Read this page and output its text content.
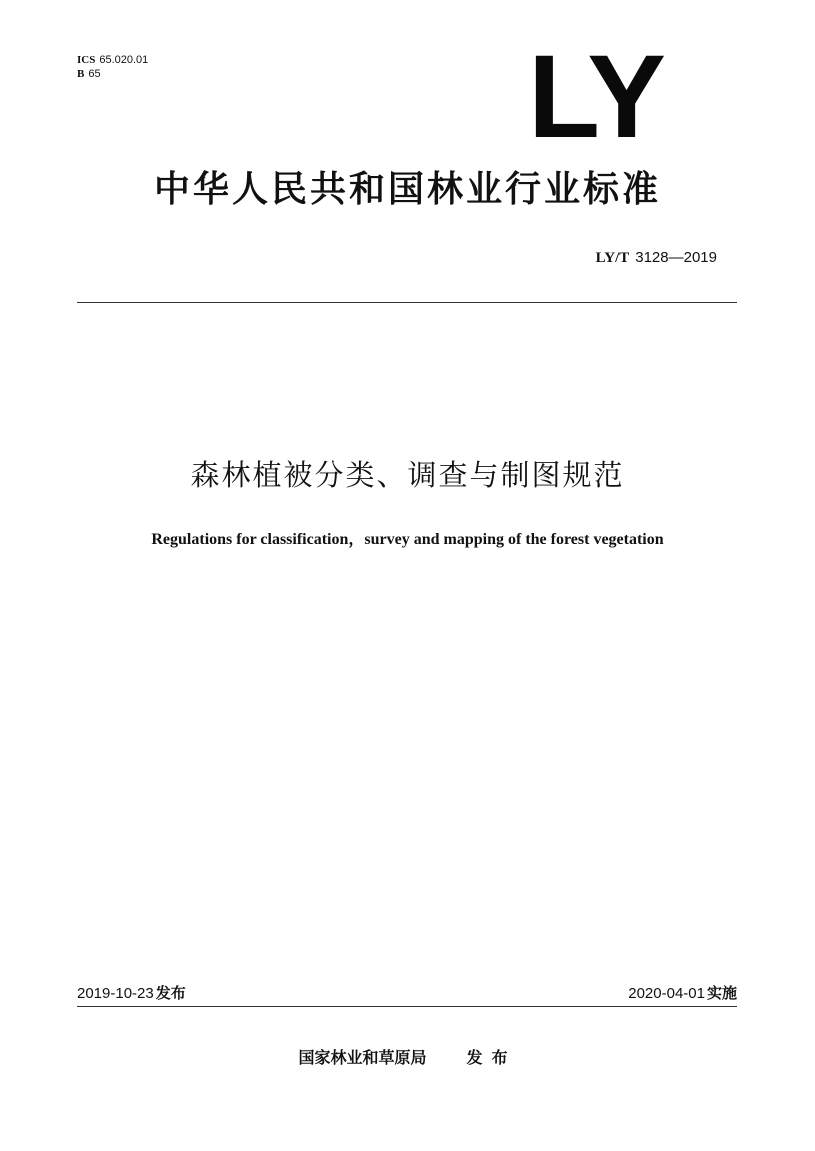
ICS 65.020.01
B 65	LY
中华人民共和国林业行业标准
LY/T 3128—2019
森林植被分类、调查与制图规范
Regulations for classification，survey and mapping of the forest vegetation
2019-10-23 发布	2020-04-01 实施
国家林业和草原局	发布
